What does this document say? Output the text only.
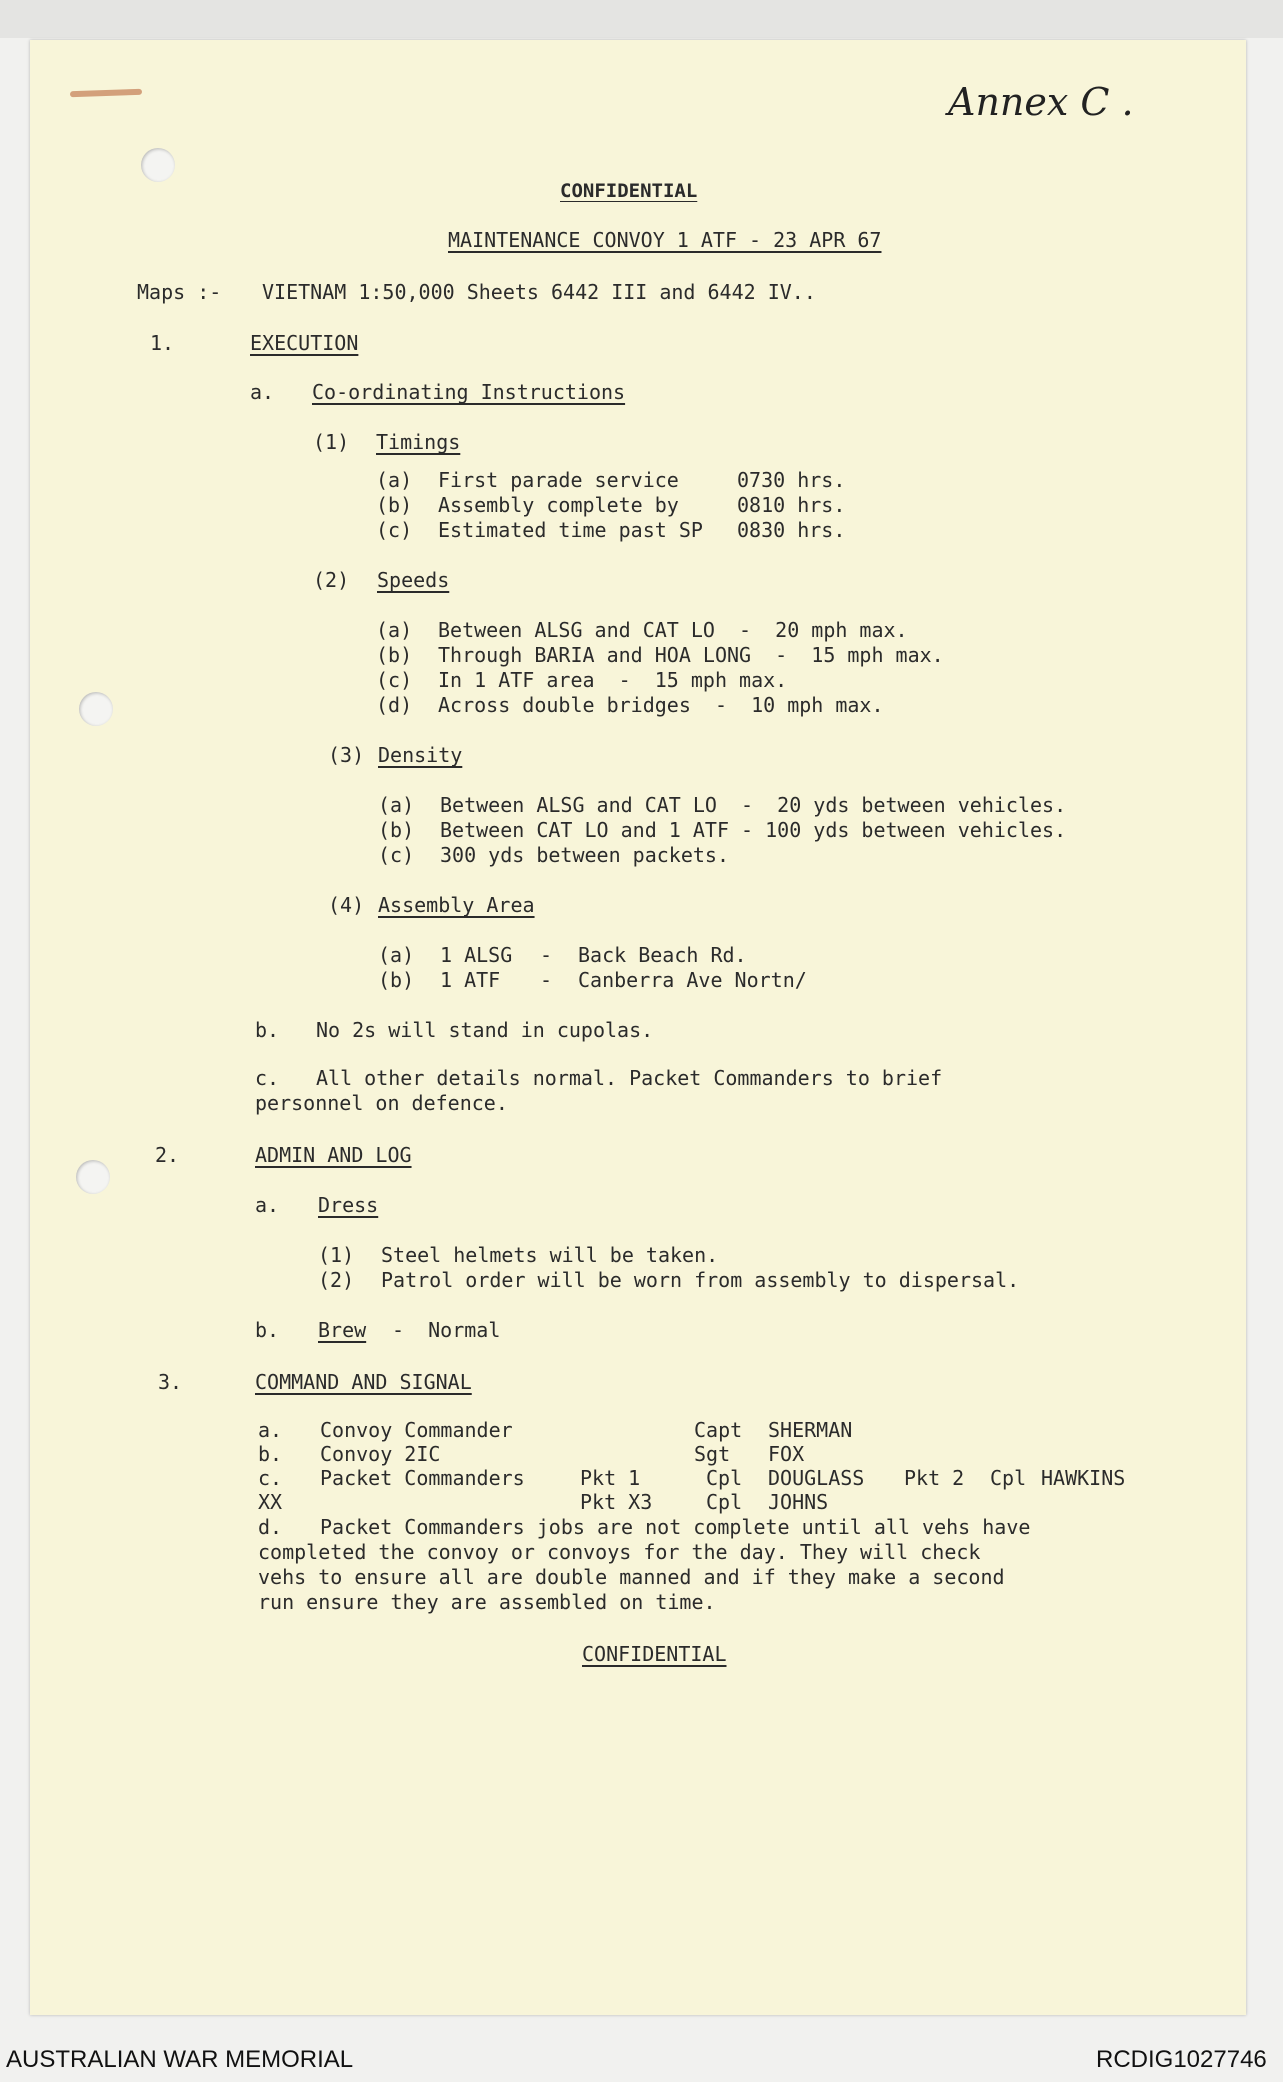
Annex C .
CONFIDENTIAL
MAINTENANCE CONVOY 1 ATF - 23 APR 67
Maps :- VIETNAM 1:50,000 Sheets 6442 III and 6442 IV..
1.	EXECUTION
a. Co-ordinating Instructions
(1) Timings
(a) First parade service	0730 hrs.
(b) Assembly complete by	0810 hrs.
(c) Estimated time past SP 0830 hrs.
(2) Speeds
(a) Between ALSG and CAT LO  -  20 mph max.
(b) Through BARIA and HOA LONG  -  15 mph max.
(c) In 1 ATF area  -  15 mph max.
(d) Across double bridges  -  10 mph max.
(3) Density
(a) Between ALSG and CAT LO  -  20 yds between vehicles.
(b) Between CAT LO and 1 ATF - 100 yds between vehicles.
(c) 300 yds between packets.
(4) Assembly Area
(a) 1 ALSG - Back Beach Rd.
(b) 1 ATF - Canberra Ave Nortn/
b. No 2s will stand in cupolas.
c. All other details normal. Packet Commanders to brief
personnel on defence.
2.	ADMIN AND LOG
a. Dress
(1) Steel helmets will be taken.
(2) Patrol order will be worn from assembly to dispersal.
b. Brew -  Normal
3.	COMMAND AND SIGNAL
a. Convoy Commander	Capt SHERMAN
b. Convoy 2IC	Sgt FOX
c. Packet Commanders	Pkt 1	Cpl DOUGLASS Pkt 2 Cpl HAWKINS
XX	Pkt X3	Cpl JOHNS
d. Packet Commanders jobs are not complete until all vehs have
completed the convoy or convoys for the day. They will check
vehs to ensure all are double manned and if they make a second
run ensure they are assembled on time.
CONFIDENTIAL
AUSTRALIAN WAR MEMORIAL	RCDIG1027746
